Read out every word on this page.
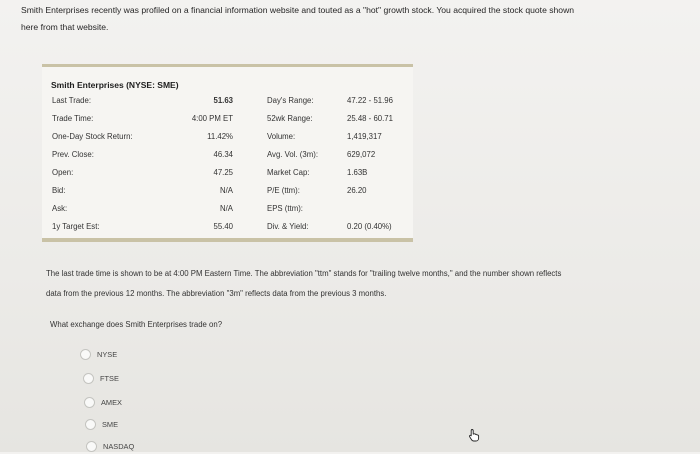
Smith Enterprises recently was profiled on a financial information website and touted as a "hot" growth stock. You acquired the stock quote shown
here from that website.
Smith Enterprises (NYSE: SME)
Last Trade:	51.63	Day's Range:	47.22 - 51.96
Trade Time:	4:00 PM ET	52wk Range:	25.48 - 60.71
One-Day Stock Return:	11.42%	Volume:	1,419,317
Prev. Close:	46.34	Avg. Vol. (3m):	629,072
Open:	47.25	Market Cap:	1.63B
Bid:	N/A	P/E (ttm):	26.20
Ask:	N/A	EPS (ttm):
1y Target Est:	55.40	Div. & Yield:	0.20 (0.40%)
The last trade time is shown to be at 4:00 PM Eastern Time. The abbreviation "ttm" stands for "trailing twelve months," and the number shown reflects
data from the previous 12 months. The abbreviation "3m" reflects data from the previous 3 months.
What exchange does Smith Enterprises trade on?
NYSE
FTSE
AMEX
SME
NASDAQ
